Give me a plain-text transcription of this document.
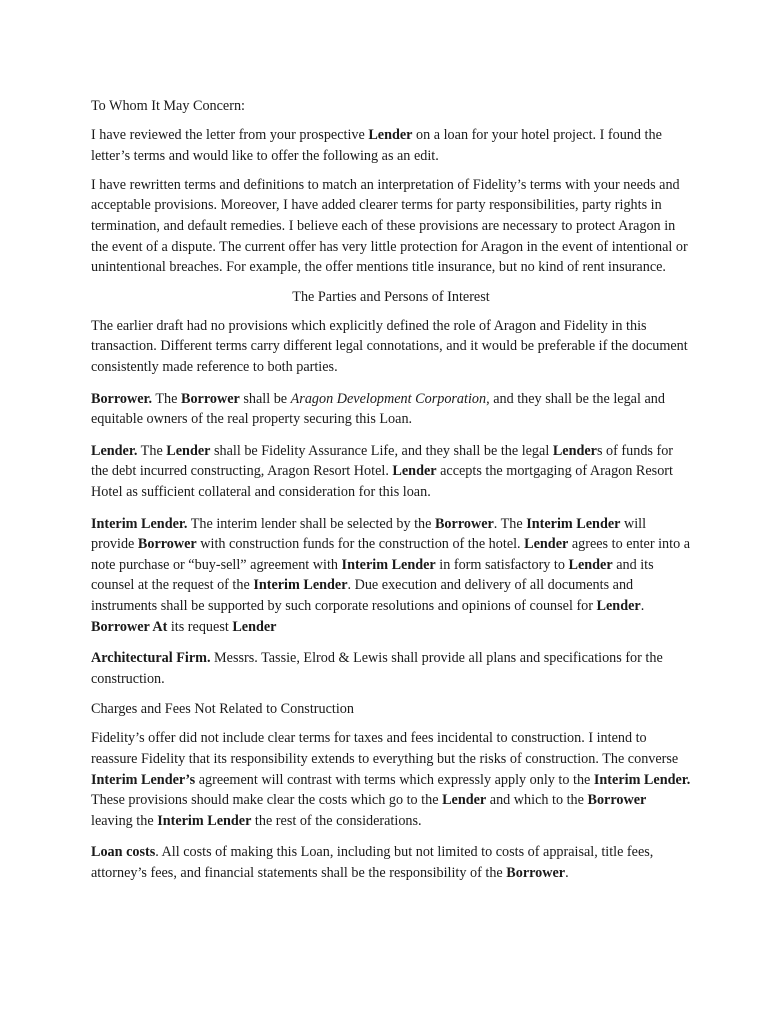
To Whom It May Concern:

I have reviewed the letter from your prospective Lender on a loan for your hotel project. I found the letter’s terms and would like to offer the following as an edit.

I have rewritten terms and definitions to match an interpretation of Fidelity’s terms with your needs and acceptable provisions. Moreover, I have added clearer terms for party responsibilities, party rights in termination, and default remedies. I believe each of these provisions are necessary to protect Aragon in the event of a dispute. The current offer has very little protection for Aragon in the event of intentional or unintentional breaches. For example, the offer mentions title insurance, but no kind of rent insurance.

The Parties and Persons of Interest

The earlier draft had no provisions which explicitly defined the role of Aragon and Fidelity in this transaction. Different terms carry different legal connotations, and it would be preferable if the document consistently made reference to both parties.

Borrower. The Borrower shall be Aragon Development Corporation, and they shall be the legal and equitable owners of the real property securing this Loan.

Lender. The Lender shall be Fidelity Assurance Life, and they shall be the legal Lenders of funds for the debt incurred constructing, Aragon Resort Hotel. Lender accepts the mortgaging of Aragon Resort Hotel as sufficient collateral and consideration for this loan.

Interim Lender. The interim lender shall be selected by the Borrower. The Interim Lender will provide Borrower with construction funds for the construction of the hotel. Lender agrees to enter into a note purchase or “buy-sell” agreement with Interim Lender in form satisfactory to Lender and its counsel at the request of the Interim Lender. Due execution and delivery of all documents and instruments shall be supported by such corporate resolutions and opinions of counsel for Lender. Borrower At its request Lender

Architectural Firm. Messrs. Tassie, Elrod & Lewis shall provide all plans and specifications for the construction.

Charges and Fees Not Related to Construction

Fidelity’s offer did not include clear terms for taxes and fees incidental to construction. I intend to reassure Fidelity that its responsibility extends to everything but the risks of construction. The converse Interim Lender’s agreement will contrast with terms which expressly apply only to the Interim Lender. These provisions should make clear the costs which go to the Lender and which to the Borrower leaving the Interim Lender the rest of the considerations.

Loan costs. All costs of making this Loan, including but not limited to costs of appraisal, title fees, attorney’s fees, and financial statements shall be the responsibility of the Borrower.
